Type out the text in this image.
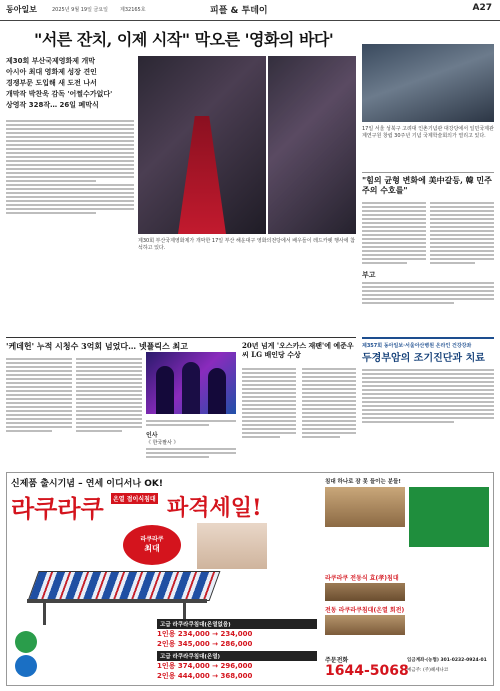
동아일보	2025년 9월 19일 금요일 제32165호	피플 & 투데이	A27
"서른 잔치, 이제 시작" 막오른 '영화의 바다'
제30회 부산국제영화제 개막
아시아 최대 영화제 성장 견인
경쟁부문 도입해 새 도전 나서
개막작 박찬욱 감독 '어쩔수가없다'
상영작 328작… 26일 폐막식
제30회 부산국제영화제가 개막한 17일 부산 해운대구 영화의전당에서 배우들이 레드카펫 행사에 참석하고 있다.
17일 서울 성북구 고려대 인촌기념관 대강당에서 일민국제관계연구원 창립 30주년 기념 국제학술회의가 열리고 있다.
"힘의 균형 변화에 美中갈등, 韓 민주주의 수호를"
부고
'케데헌' 누적 시청수 3억회 넘었다… 넷플릭스 최고
인사
《 한국팔사 》
20년 넘게 '오스카스 재팬'에 예준우씨 LG 배인당 수상
제357회 동아일보·서울아산병원 온라인 건강강좌
두경부암의 조기진단과 치료
신제품 출시기념 – 연세 이디서나 OK!
라쿠라쿠	온열 접이식침대 파격세일!
라쿠라쿠
최대
고급 라쿠라쿠침대(온열없음)
1인용 234,000 → 234,000
2인용 345,000 → 286,000
고급 라쿠라쿠침대(온열)
1인용 374,000 → 296,000
2인용 444,000 → 368,000
침대 하나로 잠 못 들이는 분들!
라쿠라쿠 전동식 효(孝)침대
전동 라쿠라쿠침대(온열 회전)
주문전화
1644-5068
입금계좌·(농협) 301-0232-0924-01
예금주: (주)헤세나코
